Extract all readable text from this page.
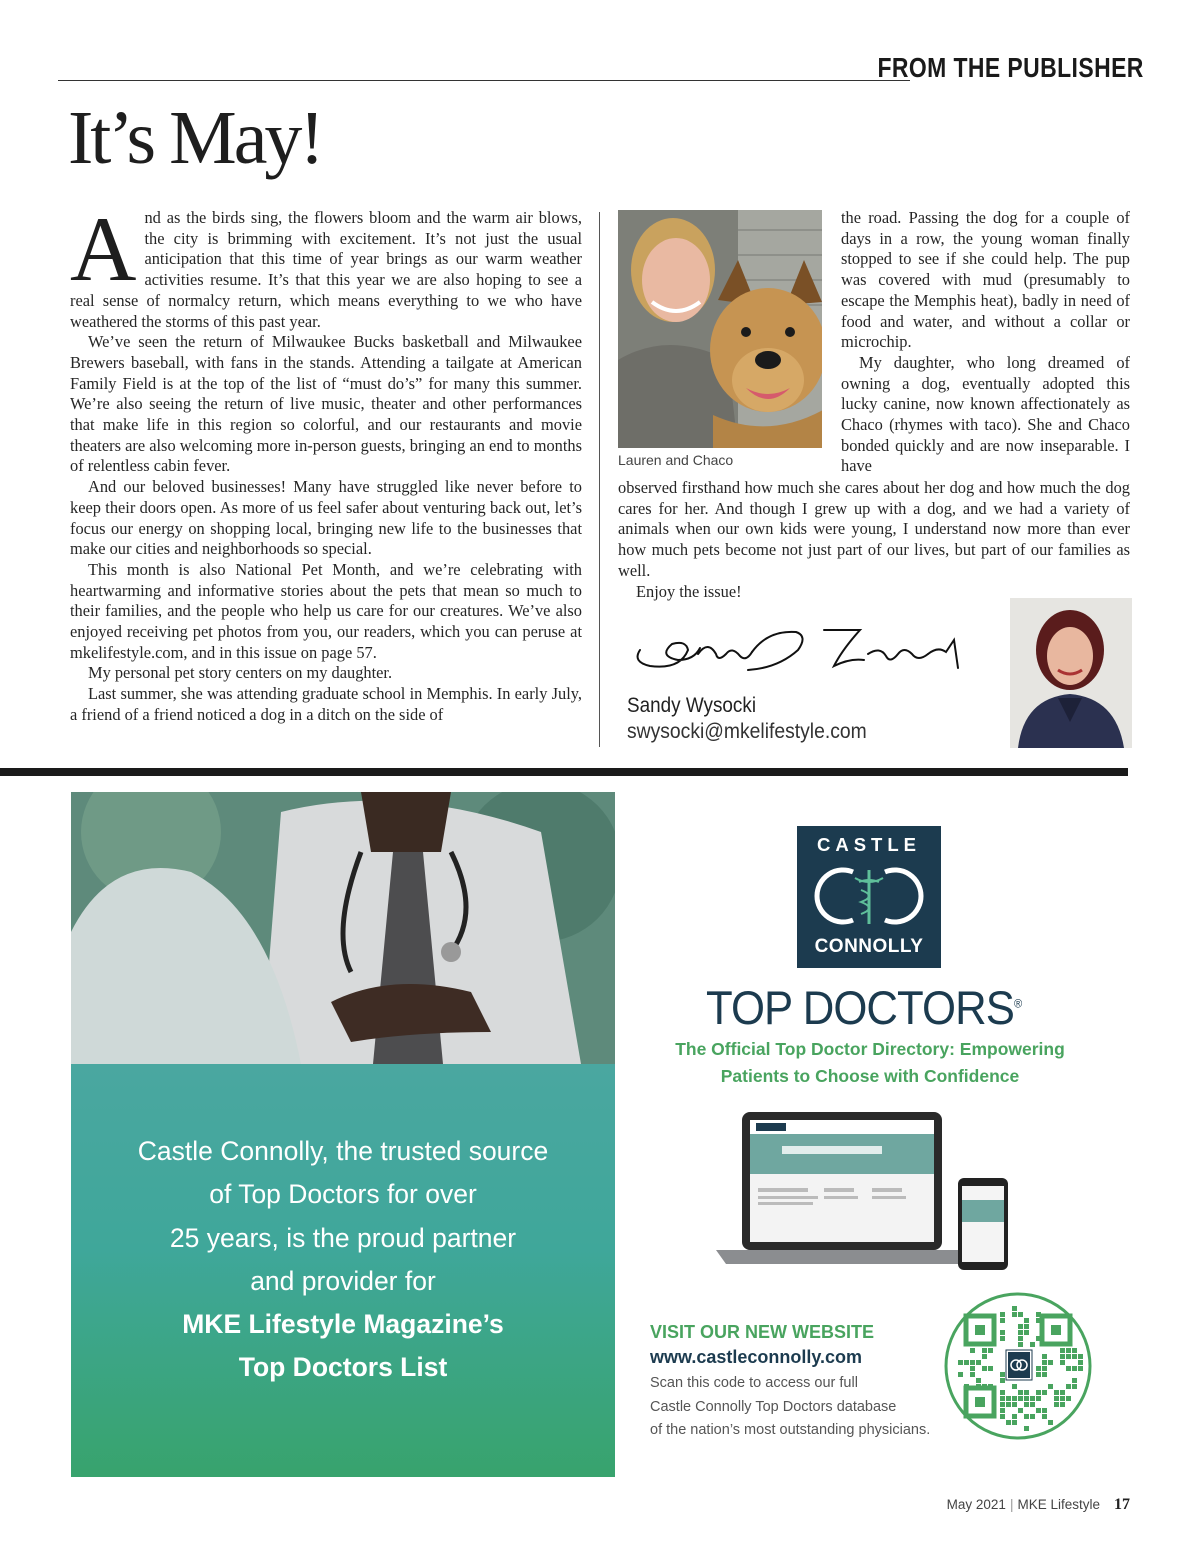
FROM THE PUBLISHER
It’s May!
A nd as the birds sing, the flowers bloom and the warm air blows, the city is brimming with excitement. It’s not just the usual anticipation that this time of year brings as our warm weather activities resume. It’s that this year we are also hoping to see a real sense of normalcy return, which means everything to we who have weathered the storms of this past year.

We’ve seen the return of Milwaukee Bucks basketball and Milwaukee Brewers baseball, with fans in the stands. Attending a tailgate at American Family Field is at the top of the list of “must do’s” for many this summer. We’re also seeing the return of live music, theater and other performances that make life in this region so colorful, and our restaurants and movie theaters are also welcoming more in-person guests, bringing an end to months of relentless cabin fever.

And our beloved businesses! Many have struggled like never before to keep their doors open. As more of us feel safer about venturing back out, let’s focus our energy on shopping local, bringing new life to the businesses that make our cities and neighborhoods so special.

This month is also National Pet Month, and we’re celebrating with heartwarming and informative stories about the pets that mean so much to their families, and the people who help us care for our creatures. We’ve also enjoyed receiving pet photos from you, our readers, which you can peruse at mkelifestyle.com, and in this issue on page 57.

My personal pet story centers on my daughter.

Last summer, she was attending graduate school in Memphis. In early July, a friend of a friend noticed a dog in a ditch on the side of

Lauren and Chaco

the road. Passing the dog for a couple of days in a row, the young woman finally stopped to see if she could help. The pup was covered with mud (presumably to escape the Memphis heat), badly in need of food and water, and without a collar or microchip.

My daughter, who long dreamed of owning a dog, eventually adopted this lucky canine, now known affectionately as Chaco (rhymes with taco). She and Chaco bonded quickly and are now inseparable. I have

observed firsthand how much she cares about her dog and how much the dog cares for her. And though I grew up with a dog, and we had a variety of animals when our own kids were young, I understand now more than ever how much pets become not just part of our lives, but part of our families as well.

Enjoy the issue!

Sandy Wysocki
swysocki@mkelifestyle.com
Castle Connolly, the trusted source
of Top Doctors for over
25 years, is the proud partner
and provider for
MKE Lifestyle Magazine’s
Top Doctors List
CASTLE
CONNOLLY
TOP DOCTORS®
The Official Top Doctor Directory: Empowering Patients to Choose with Confidence
VISIT OUR NEW WEBSITE
www.castleconnolly.com
Scan this code to access our full
Castle Connolly Top Doctors database
of the nation’s most outstanding physicians.
May 2021 | MKE Lifestyle 17
